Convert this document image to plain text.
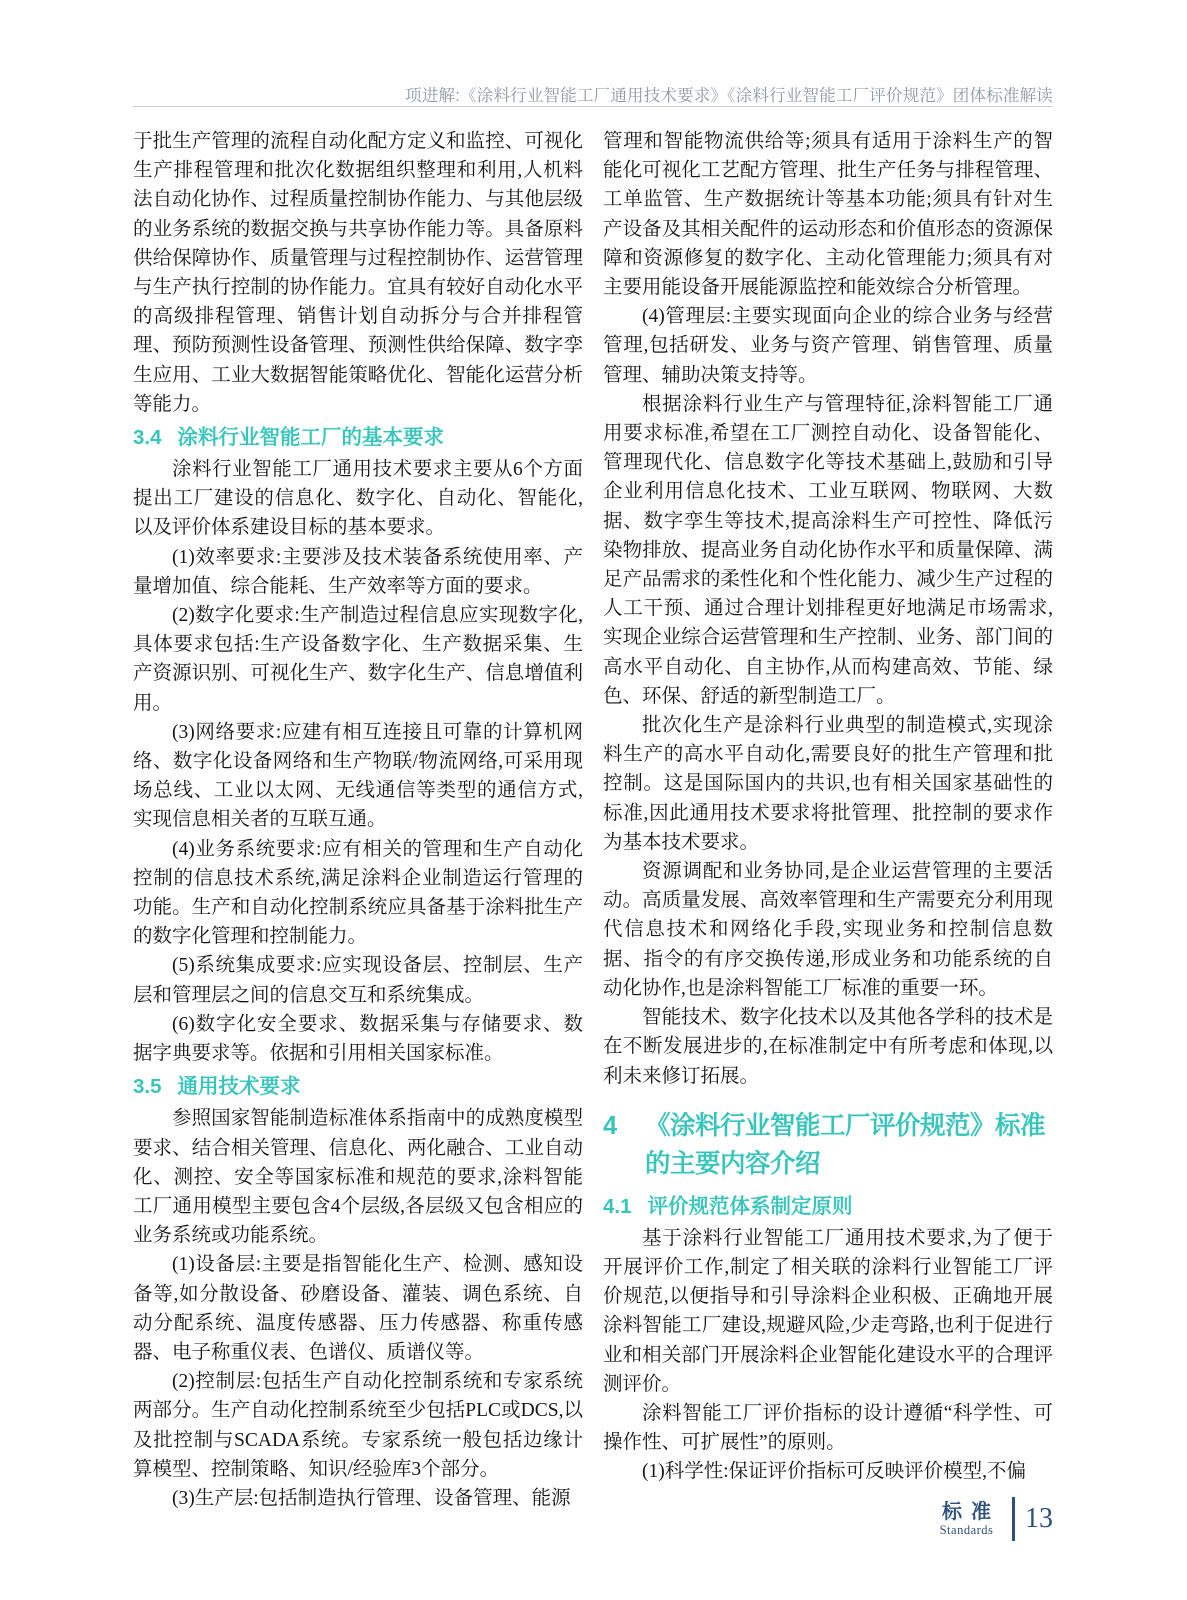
项进解:《涂料行业智能工厂通用技术要求》《涂料行业智能工厂评价规范》团体标准解读

于批生产管理的流程自动化配方定义和监控、可视化生产排程管理和批次化数据组织整理和利用,人机料法自动化协作、过程质量控制协作能力、与其他层级的业务系统的数据交换与共享协作能力等。具备原料供给保障协作、质量管理与过程控制协作、运营管理与生产执行控制的协作能力。宜具有较好自动化水平的高级排程管理、销售计划自动拆分与合并排程管理、预防预测性设备管理、预测性供给保障、数字孪生应用、工业大数据智能策略优化、智能化运营分析等能力。

3.4 涂料行业智能工厂的基本要求

涂料行业智能工厂通用技术要求主要从6个方面提出工厂建设的信息化、数字化、自动化、智能化,以及评价体系建设目标的基本要求。

(1)效率要求:主要涉及技术装备系统使用率、产量增加值、综合能耗、生产效率等方面的要求。

(2)数字化要求:生产制造过程信息应实现数字化,具体要求包括:生产设备数字化、生产数据采集、生产资源识别、可视化生产、数字化生产、信息增值利用。

(3)网络要求:应建有相互连接且可靠的计算机网络、数字化设备网络和生产物联/物流网络,可采用现场总线、工业以太网、无线通信等类型的通信方式,实现信息相关者的互联互通。

(4)业务系统要求:应有相关的管理和生产自动化控制的信息技术系统,满足涂料企业制造运行管理的功能。生产和自动化控制系统应具备基于涂料批生产的数字化管理和控制能力。

(5)系统集成要求:应实现设备层、控制层、生产层和管理层之间的信息交互和系统集成。

(6)数字化安全要求、数据采集与存储要求、数据字典要求等。依据和引用相关国家标准。

3.5 通用技术要求

参照国家智能制造标准体系指南中的成熟度模型要求、结合相关管理、信息化、两化融合、工业自动化、测控、安全等国家标准和规范的要求,涂料智能工厂通用模型主要包含4个层级,各层级又包含相应的业务系统或功能系统。

(1)设备层:主要是指智能化生产、检测、感知设备等,如分散设备、砂磨设备、灌装、调色系统、自动分配系统、温度传感器、压力传感器、称重传感器、电子称重仪表、色谱仪、质谱仪等。

(2)控制层:包括生产自动化控制系统和专家系统两部分。生产自动化控制系统至少包括PLC或DCS,以及批控制与SCADA系统。专家系统一般包括边缘计算模型、控制策略、知识/经验库3个部分。

(3)生产层:包括制造执行管理、设备管理、能源

管理和智能物流供给等;须具有适用于涂料生产的智能化可视化工艺配方管理、批生产任务与排程管理、工单监管、生产数据统计等基本功能;须具有针对生产设备及其相关配件的运动形态和价值形态的资源保障和资源修复的数字化、主动化管理能力;须具有对主要用能设备开展能源监控和能效综合分析管理。

(4)管理层:主要实现面向企业的综合业务与经营管理,包括研发、业务与资产管理、销售管理、质量管理、辅助决策支持等。

根据涂料行业生产与管理特征,涂料智能工厂通用要求标准,希望在工厂测控自动化、设备智能化、管理现代化、信息数字化等技术基础上,鼓励和引导企业利用信息化技术、工业互联网、物联网、大数据、数字孪生等技术,提高涂料生产可控性、降低污染物排放、提高业务自动化协作水平和质量保障、满足产品需求的柔性化和个性化能力、减少生产过程的人工干预、通过合理计划排程更好地满足市场需求,实现企业综合运营管理和生产控制、业务、部门间的高水平自动化、自主协作,从而构建高效、节能、绿色、环保、舒适的新型制造工厂。

批次化生产是涂料行业典型的制造模式,实现涂料生产的高水平自动化,需要良好的批生产管理和批控制。这是国际国内的共识,也有相关国家基础性的标准,因此通用技术要求将批管理、批控制的要求作为基本技术要求。

资源调配和业务协同,是企业运营管理的主要活动。高质量发展、高效率管理和生产需要充分利用现代信息技术和网络化手段,实现业务和控制信息数据、指令的有序交换传递,形成业务和功能系统的自动化协作,也是涂料智能工厂标准的重要一环。

智能技术、数字化技术以及其他各学科的技术是在不断发展进步的,在标准制定中有所考虑和体现,以利未来修订拓展。

4	《涂料行业智能工厂评价规范》标准
的主要内容介绍
4.1 评价规范体系制定原则

基于涂料行业智能工厂通用技术要求,为了便于开展评价工作,制定了相关联的涂料行业智能工厂评价规范,以便指导和引导涂料企业积极、正确地开展涂料智能工厂建设,规避风险,少走弯路,也利于促进行业和相关部门开展涂料企业智能化建设水平的合理评测评价。

涂料智能工厂评价指标的设计遵循“科学性、可操作性、可扩展性”的原则。

(1)科学性:保证评价指标可反映评价模型,不偏

标准
Standards 13
